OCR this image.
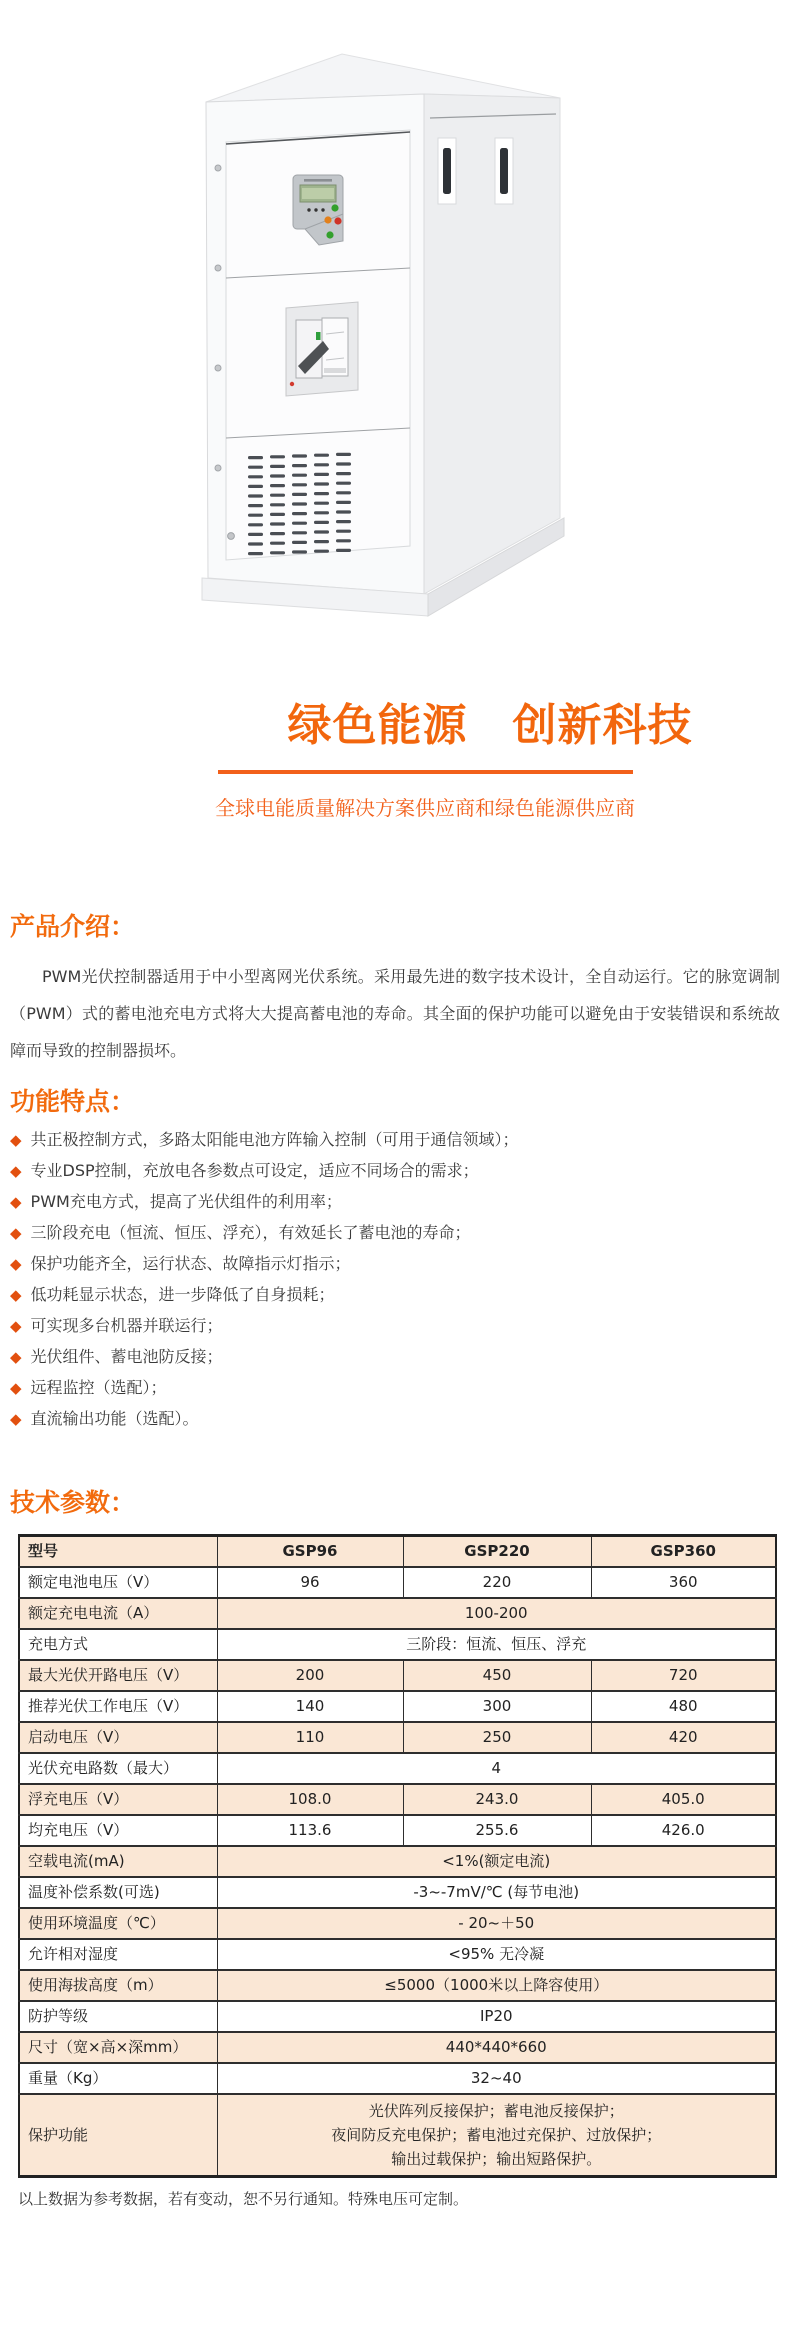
绿色能源　创新科技
全球电能质量解决方案供应商和绿色能源供应商
产品介绍：

PWM光伏控制器适用于中小型离网光伏系统。采用最先进的数字技术设计，全自动运行。它的脉宽调制（PWM）式的蓄电池充电方式将大大提高蓄电池的寿命。其全面的保护功能可以避免由于安装错误和系统故障而导致的控制器损坏。

功能特点：
◆ 共正极控制方式，多路太阳能电池方阵输入控制（可用于通信领域）；
◆ 专业DSP控制，充放电各参数点可设定，适应不同场合的需求；
◆ PWM充电方式，提高了光伏组件的利用率；
◆ 三阶段充电（恒流、恒压、浮充），有效延长了蓄电池的寿命；
◆ 保护功能齐全，运行状态、故障指示灯指示；
◆ 低功耗显示状态，进一步降低了自身损耗；
◆ 可实现多台机器并联运行；
◆ 光伏组件、蓄电池防反接；
◆ 远程监控（选配）；
◆ 直流输出功能（选配）。
技术参数：
型号	GSP96	GSP220	GSP360
额定电池电压（V）	96	220	360
额定充电电流（A）	100-200		
充电方式	三阶段：恒流、恒压、浮充		
最大光伏开路电压（V）	200	450	720
推荐光伏工作电压（V）	140	300	480
启动电压（V）	110	250	420
光伏充电路数（最大）	4		
浮充电压（V）	108.0	243.0	405.0
均充电压（V）	113.6	255.6	426.0
空载电流(mA)	<1%(额定电流)		
温度补偿系数(可选)	-3~-7mV/℃ (每节电池)		
使用环境温度（℃）	- 20~＋50		
允许相对湿度	<95% 无冷凝		
使用海拔高度（m）	≤5000（1000米以上降容使用）		
防护等级	IP20		
尺寸（宽×高×深mm）	440*440*660		
重量（Kg）	32~40		
保护功能	光伏阵列反接保护；蓄电池反接保护；
夜间防反充电保护；蓄电池过充保护、过放保护；
输出过载保护；输出短路保护。		

以上数据为参考数据，若有变动，恕不另行通知。特殊电压可定制。
